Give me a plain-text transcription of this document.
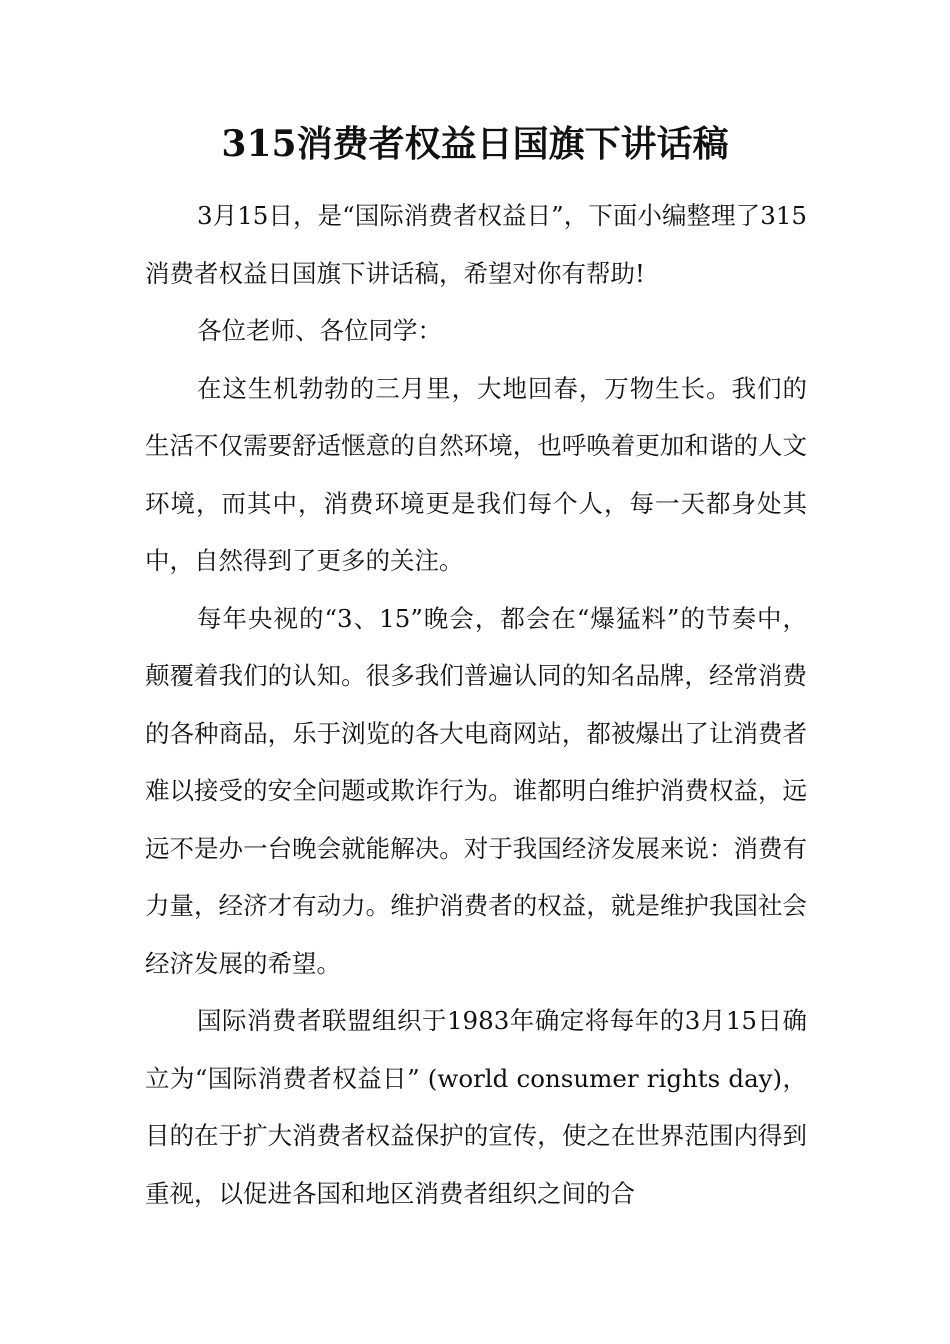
315消费者权益日国旗下讲话稿

3月15日，是“国际消费者权益日”，下面小编整理了315消费者权益日国旗下讲话稿，希望对你有帮助!

各位老师、各位同学：

在这生机勃勃的三月里，大地回春，万物生长。我们的生活不仅需要舒适惬意的自然环境，也呼唤着更加和谐的人文环境，而其中，消费环境更是我们每个人，每一天都身处其中，自然得到了更多的关注。

每年央视的“3、15”晚会，都会在“爆猛料”的节奏中，颠覆着我们的认知。很多我们普遍认同的知名品牌，经常消费的各种商品，乐于浏览的各大电商网站，都被爆出了让消费者难以接受的安全问题或欺诈行为。谁都明白维护消费权益，远远不是办一台晚会就能解决。对于我国经济发展来说：消费有力量，经济才有动力。维护消费者的权益，就是维护我国社会经济发展的希望。

国际消费者联盟组织于1983年确定将每年的3月15日确立为“国际消费者权益日” (world consumer rights day)，目的在于扩大消费者权益保护的宣传，使之在世界范围内得到重视，以促进各国和地区消费者组织之间的合
